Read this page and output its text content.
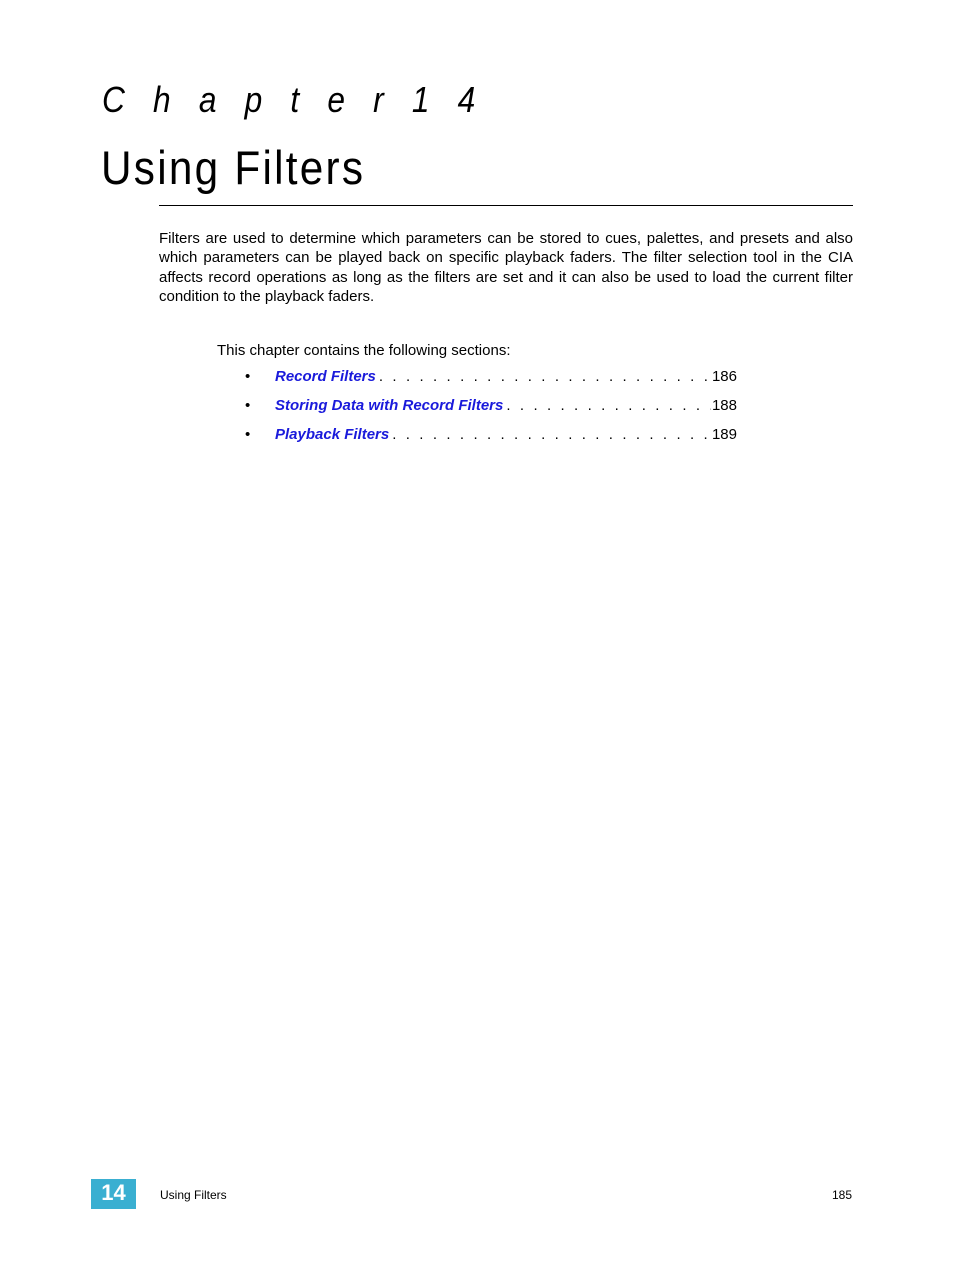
C h a p t e r 1 4
Using Filters

Filters are used to determine which parameters can be stored to cues, palettes, and presets and also which parameters can be played back on specific playback faders. The filter selection tool in the CIA affects record operations as long as the filters are set and it can also be used to load the current filter condition to the playback faders.

This chapter contains the following sections:
• Record Filters . . .	186
• Storing Data with Record Filters . . .	188
• Playback Filters . . .	189
14	Using Filters	185
